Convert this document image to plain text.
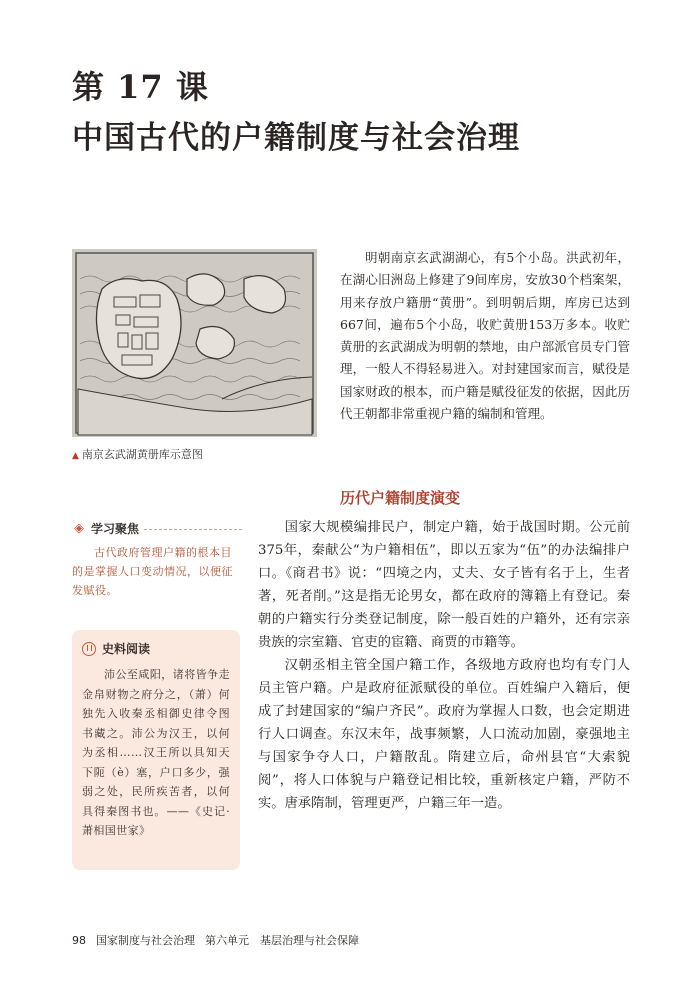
第 17 课
中国古代的户籍制度与社会治理
▲ 南京玄武湖黄册库示意图

明朝南京玄武湖湖心，有5个小岛。洪武初年，在湖心旧洲岛上修建了9间库房，安放30个档案架，用来存放户籍册“黄册”。到明朝后期，库房已达到667间，遍布5个小岛，收贮黄册153万多本。收贮黄册的玄武湖成为明朝的禁地，由户部派官员专门管理，一般人不得轻易进入。对封建国家而言，赋役是国家财政的根本，而户籍是赋役征发的依据，因此历代王朝都非常重视户籍的编制和管理。

历代户籍制度演变
◈ 学习聚焦

古代政府管理户籍的根本目的是掌握人口变动情况，以便征发赋役。

史料阅读

沛公至咸阳，诸将皆争走金帛财物之府分之，（萧）何独先入收秦丞相御史律令图书藏之。沛公为汉王，以何为丞相……汉王所以具知天下阨（è）塞，户口多少，强弱之处，民所疾苦者，以何具得秦图书也。——《史记·萧相国世家》

国家大规模编排民户，制定户籍，始于战国时期。公元前375年，秦献公“为户籍相伍”，即以五家为“伍”的办法编排户口。《商君书》说：“四境之内，丈夫、女子皆有名于上，生者著，死者削。”这是指无论男女，都在政府的簿籍上有登记。秦朝的户籍实行分类登记制度，除一般百姓的户籍外，还有宗亲贵族的宗室籍、官吏的宦籍、商贾的市籍等。

汉朝丞相主管全国户籍工作，各级地方政府也均有专门人员主管户籍。户是政府征派赋役的单位。百姓编户入籍后，便成了封建国家的“编户齐民”。政府为掌握人口数，也会定期进行人口调查。东汉末年，战事频繁，人口流动加剧，豪强地主与国家争夺人口，户籍散乱。隋建立后，命州县官“大索貌阅”，将人口体貌与户籍登记相比较，重新核定户籍，严防不实。唐承隋制，管理更严，户籍三年一造。

98 国家制度与社会治理 第六单元　基层治理与社会保障
